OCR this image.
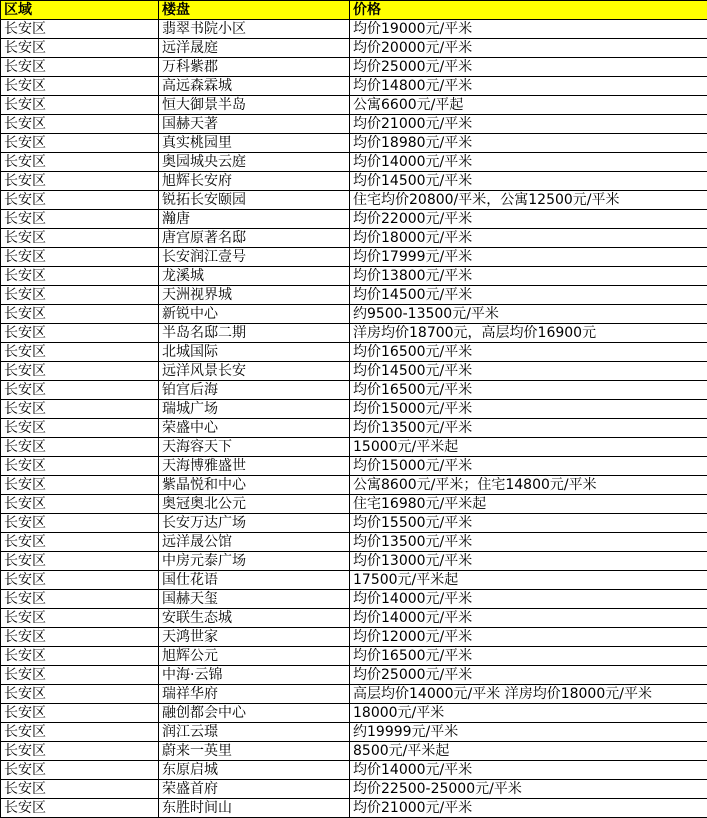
区域	楼盘	价格
长安区	翡翠书院小区	均价19000元/平米
长安区	远洋晟庭	均价20000元/平米
长安区	万科紫郡	均价25000元/平米
长安区	高远森霖城	均价14800元/平米
长安区	恒大御景半岛	公寓6600元/平起
长安区	国赫天著	均价21000元/平米
长安区	真实桃园里	均价18980元/平米
长安区	奥园城央云庭	均价14000元/平米
长安区	旭辉长安府	均价14500元/平米
长安区	锐拓长安颐园	住宅均价20800/平米，公寓12500元/平米
长安区	瀚唐	均价22000元/平米
长安区	唐宫原著名邸	均价18000元/平米
长安区	长安润江壹号	均价17999元/平米
长安区	龙溪城	均价13800元/平米
长安区	天洲视界城	均价14500元/平米
长安区	新锐中心	约9500-13500元/平米
长安区	半岛名邸二期	洋房均价18700元，高层均价16900元
长安区	北城国际	均价16500元/平米
长安区	远洋风景长安	均价14500元/平米
长安区	铂宫后海	均价16500元/平米
长安区	瑞城广场	均价15000元/平米
长安区	荣盛中心	均价13500元/平米
长安区	天海容天下	15000元/平米起
长安区	天海博雅盛世	均价15000元/平米
长安区	紫晶悦和中心	公寓8600元/平米；住宅14800元/平米
长安区	奥冠奥北公元	住宅16980元/平米起
长安区	长安万达广场	均价15500元/平米
长安区	远洋晟公馆	均价13500元/平米
长安区	中房元泰广场	均价13000元/平米
长安区	国仕花语	17500元/平米起
长安区	国赫天玺	均价14000元/平米
长安区	安联生态城	均价14000元/平米
长安区	天鸿世家	均价12000元/平米
长安区	旭辉公元	均价16500元/平米
长安区	中海·云锦	均价25000元/平米
长安区	瑞祥华府	高层均价14000元/平米 洋房均价18000元/平米
长安区	融创都会中心	18000元/平米
长安区	润江云璟	约19999元/平米
长安区	蔚来一英里	8500元/平米起
长安区	东原启城	均价14000元/平米
长安区	荣盛首府	均价22500-25000元/平米
长安区	东胜时间山	均价21000元/平米
